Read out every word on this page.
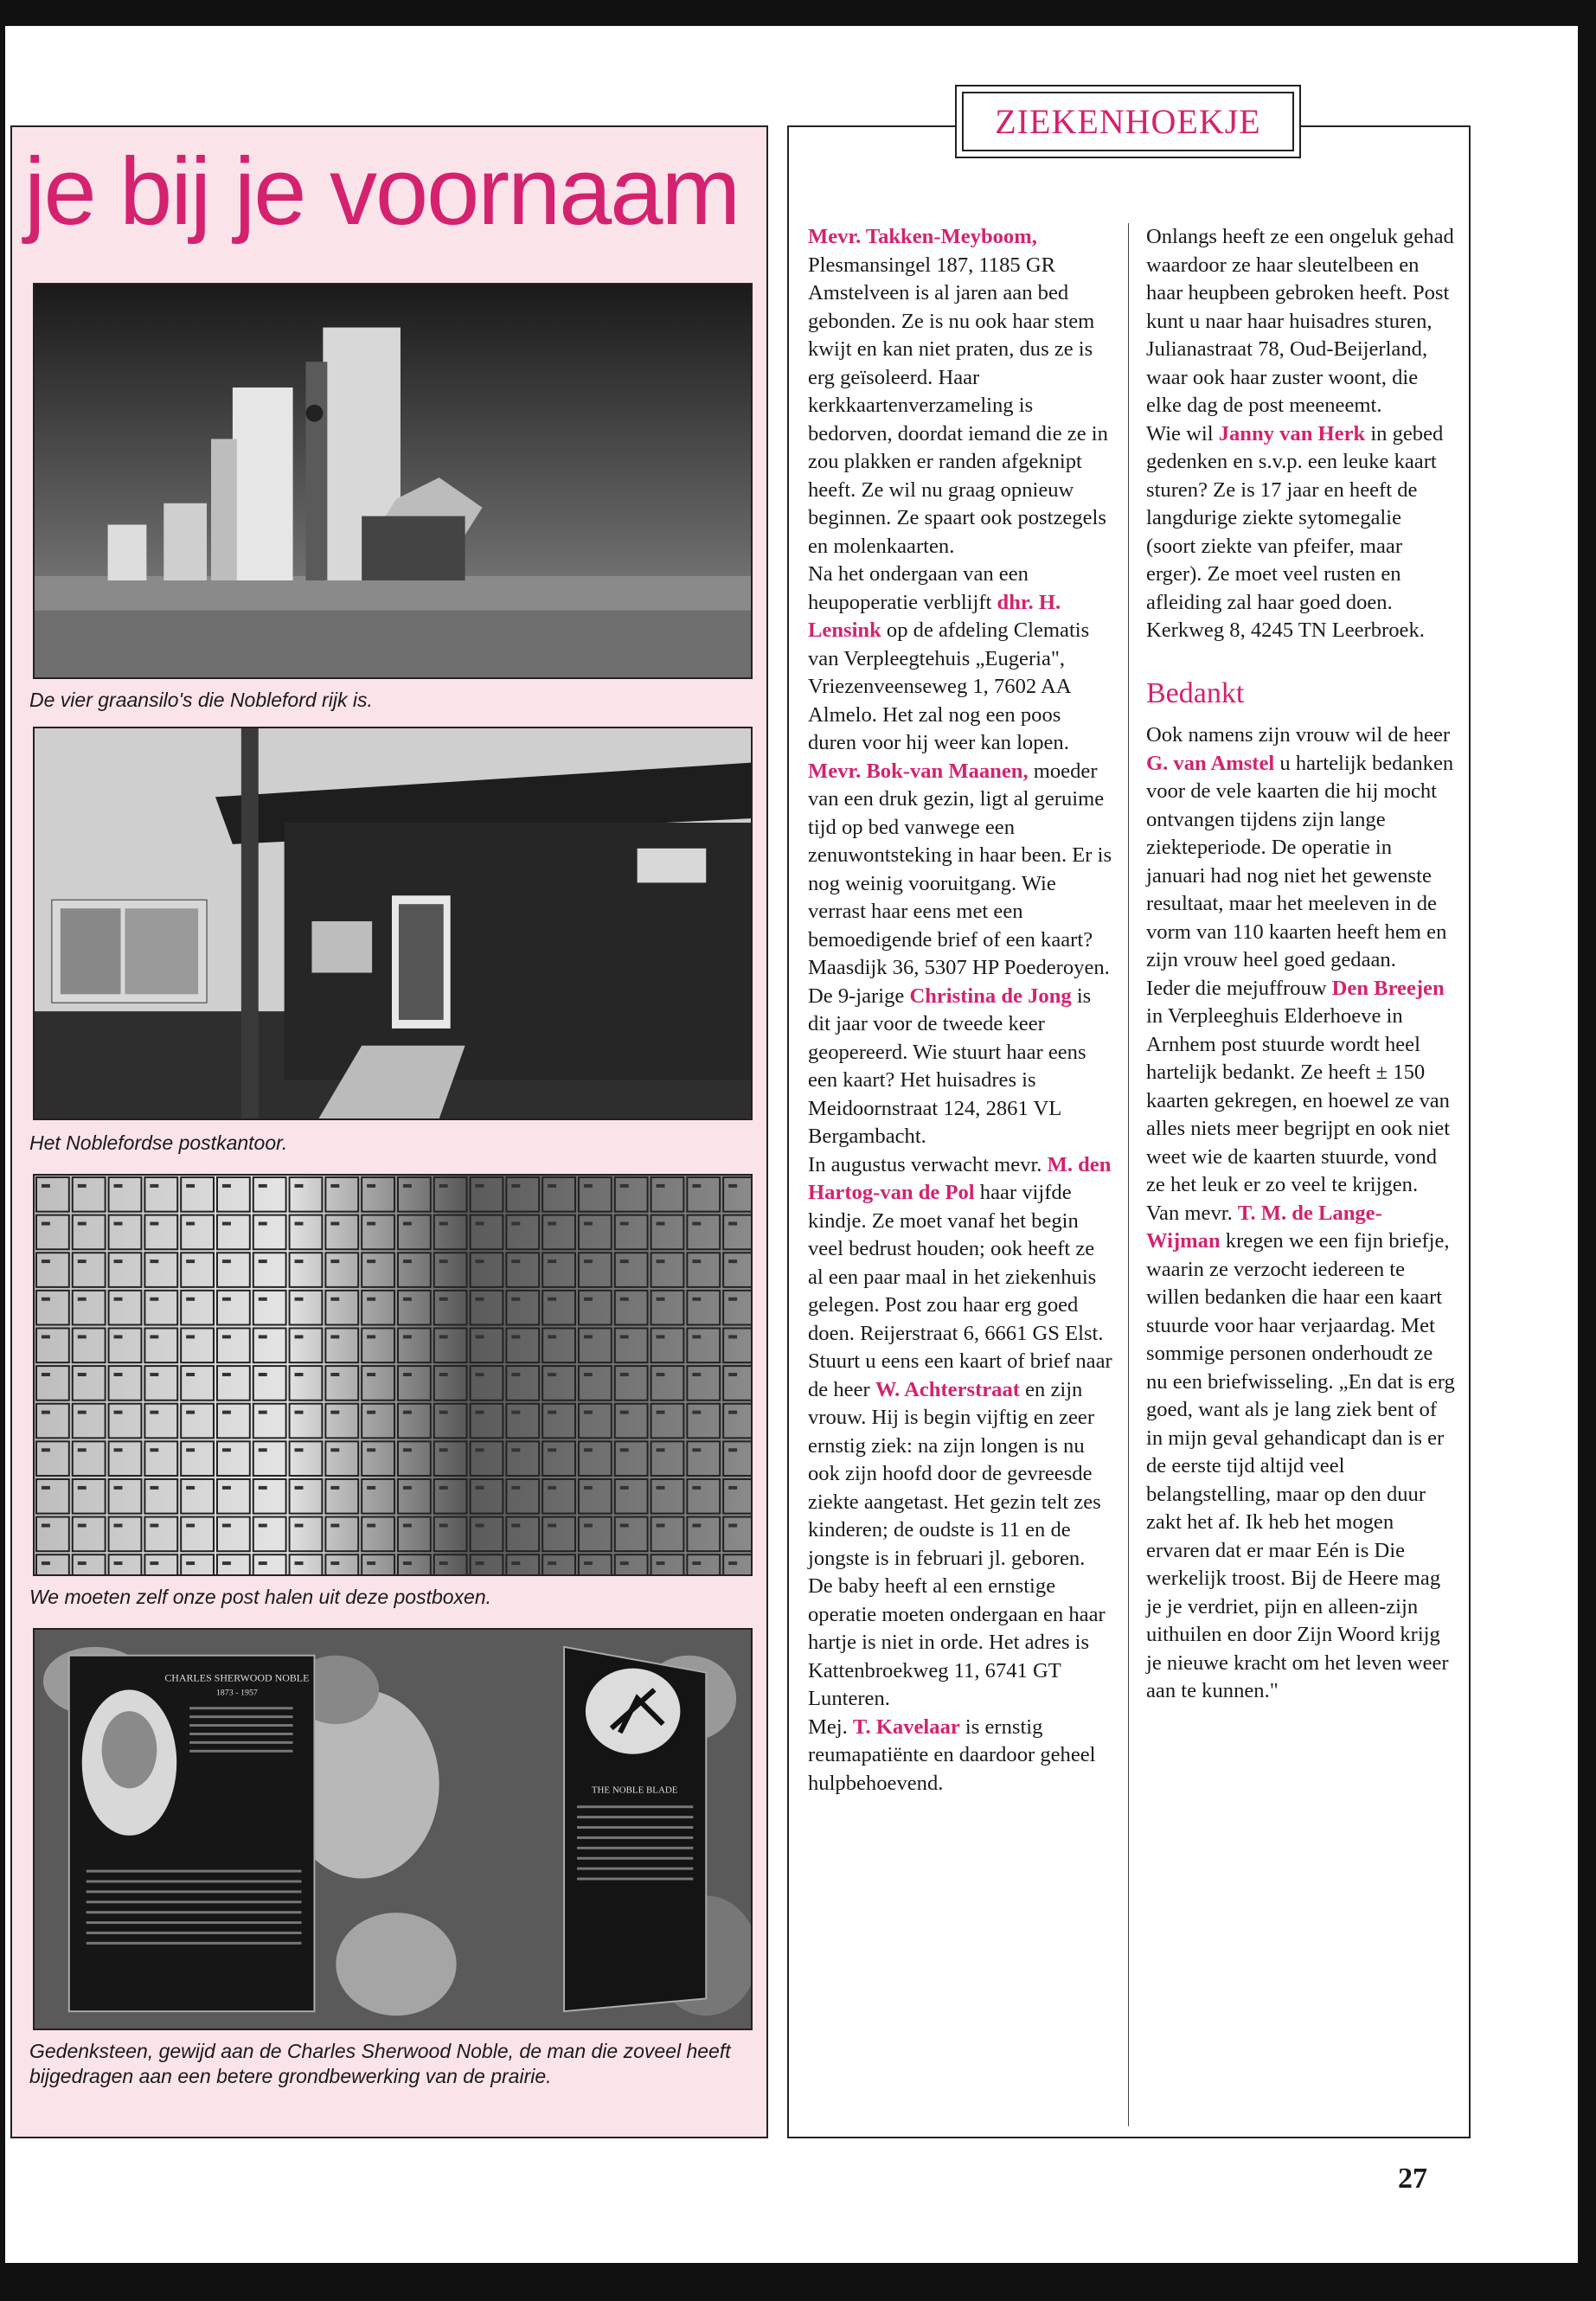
je bij je voornaam
De vier graansilo's die Nobleford rijk is.
Het Noblefordse postkantoor.
We moeten zelf onze post halen uit deze postboxen.
CHARLES SHERWOOD NOBLE
1873 - 1957
THE NOBLE BLADE
Gedenksteen, gewijd aan de Charles Sherwood Noble, de man die zoveel heeft bijgedragen aan een betere grondbewerking van de prairie.
ZIEKENHOEKJE

Mevr. Takken-Meyboom, Plesmansingel 187, 1185 GR Amstelveen is al jaren aan bed gebonden. Ze is nu ook haar stem kwijt en kan niet praten, dus ze is erg geïsoleerd. Haar kerkkaartenverzameling is bedorven, doordat iemand die ze in zou plakken er randen afgeknipt heeft. Ze wil nu graag opnieuw beginnen. Ze spaart ook postzegels en molenkaarten.

Na het ondergaan van een heupoperatie verblijft dhr. H. Lensink op de afdeling Clematis van Verpleegtehuis „Eugeria", Vriezenveenseweg 1, 7602 AA Almelo. Het zal nog een poos duren voor hij weer kan lopen.

Mevr. Bok-van Maanen, moeder van een druk gezin, ligt al geruime tijd op bed vanwege een zenuwontsteking in haar been. Er is nog weinig vooruitgang. Wie verrast haar eens met een bemoedigende brief of een kaart? Maasdijk 36, 5307 HP Poederoyen.

De 9-jarige Christina de Jong is dit jaar voor de tweede keer geopereerd. Wie stuurt haar eens een kaart? Het huisadres is Meidoornstraat 124, 2861 VL Bergambacht.

In augustus verwacht mevr. M. den Hartog-van de Pol haar vijfde kindje. Ze moet vanaf het begin veel bedrust houden; ook heeft ze al een paar maal in het ziekenhuis gelegen. Post zou haar erg goed doen. Reijerstraat 6, 6661 GS Elst.

Stuurt u eens een kaart of brief naar de heer W. Achterstraat en zijn vrouw. Hij is begin vijftig en zeer ernstig ziek: na zijn longen is nu ook zijn hoofd door de gevreesde ziekte aangetast. Het gezin telt zes kinderen; de oudste is 11 en de jongste is in februari jl. geboren. De baby heeft al een ernstige operatie moeten ondergaan en haar hartje is niet in orde. Het adres is Kattenbroekweg 11, 6741 GT Lunteren.

Mej. T. Kavelaar is ernstig reumapatiënte en daardoor geheel hulpbehoevend.

Onlangs heeft ze een ongeluk gehad waardoor ze haar sleutelbeen en haar heupbeen gebroken heeft. Post kunt u naar haar huisadres sturen, Julianastraat 78, Oud-Beijerland, waar ook haar zuster woont, die elke dag de post meeneemt.

Wie wil Janny van Herk in gebed gedenken en s.v.p. een leuke kaart sturen? Ze is 17 jaar en heeft de langdurige ziekte sytomegalie (soort ziekte van pfeifer, maar erger). Ze moet veel rusten en afleiding zal haar goed doen. Kerkweg 8, 4245 TN Leerbroek.

Bedankt

Ook namens zijn vrouw wil de heer G. van Amstel u hartelijk bedanken voor de vele kaarten die hij mocht ontvangen tijdens zijn lange ziekteperiode. De operatie in januari had nog niet het gewenste resultaat, maar het meeleven in de vorm van 110 kaarten heeft hem en zijn vrouw heel goed gedaan.

Ieder die mejuffrouw Den Breejen in Verpleeghuis Elderhoeve in Arnhem post stuurde wordt heel hartelijk bedankt. Ze heeft ± 150 kaarten gekregen, en hoewel ze van alles niets meer begrijpt en ook niet weet wie de kaarten stuurde, vond ze het leuk er zo veel te krijgen.

Van mevr. T. M. de Lange-Wijman kregen we een fijn briefje, waarin ze verzocht iedereen te willen bedanken die haar een kaart stuurde voor haar verjaardag. Met sommige personen onderhoudt ze nu een briefwisseling. „En dat is erg goed, want als je lang ziek bent of in mijn geval gehandicapt dan is er de eerste tijd altijd veel belangstelling, maar op den duur zakt het af. Ik heb het mogen ervaren dat er maar Eén is Die werkelijk troost. Bij de Heere mag je je verdriet, pijn en alleen-zijn uithuilen en door Zijn Woord krijg je nieuwe kracht om het leven weer aan te kunnen."

27
